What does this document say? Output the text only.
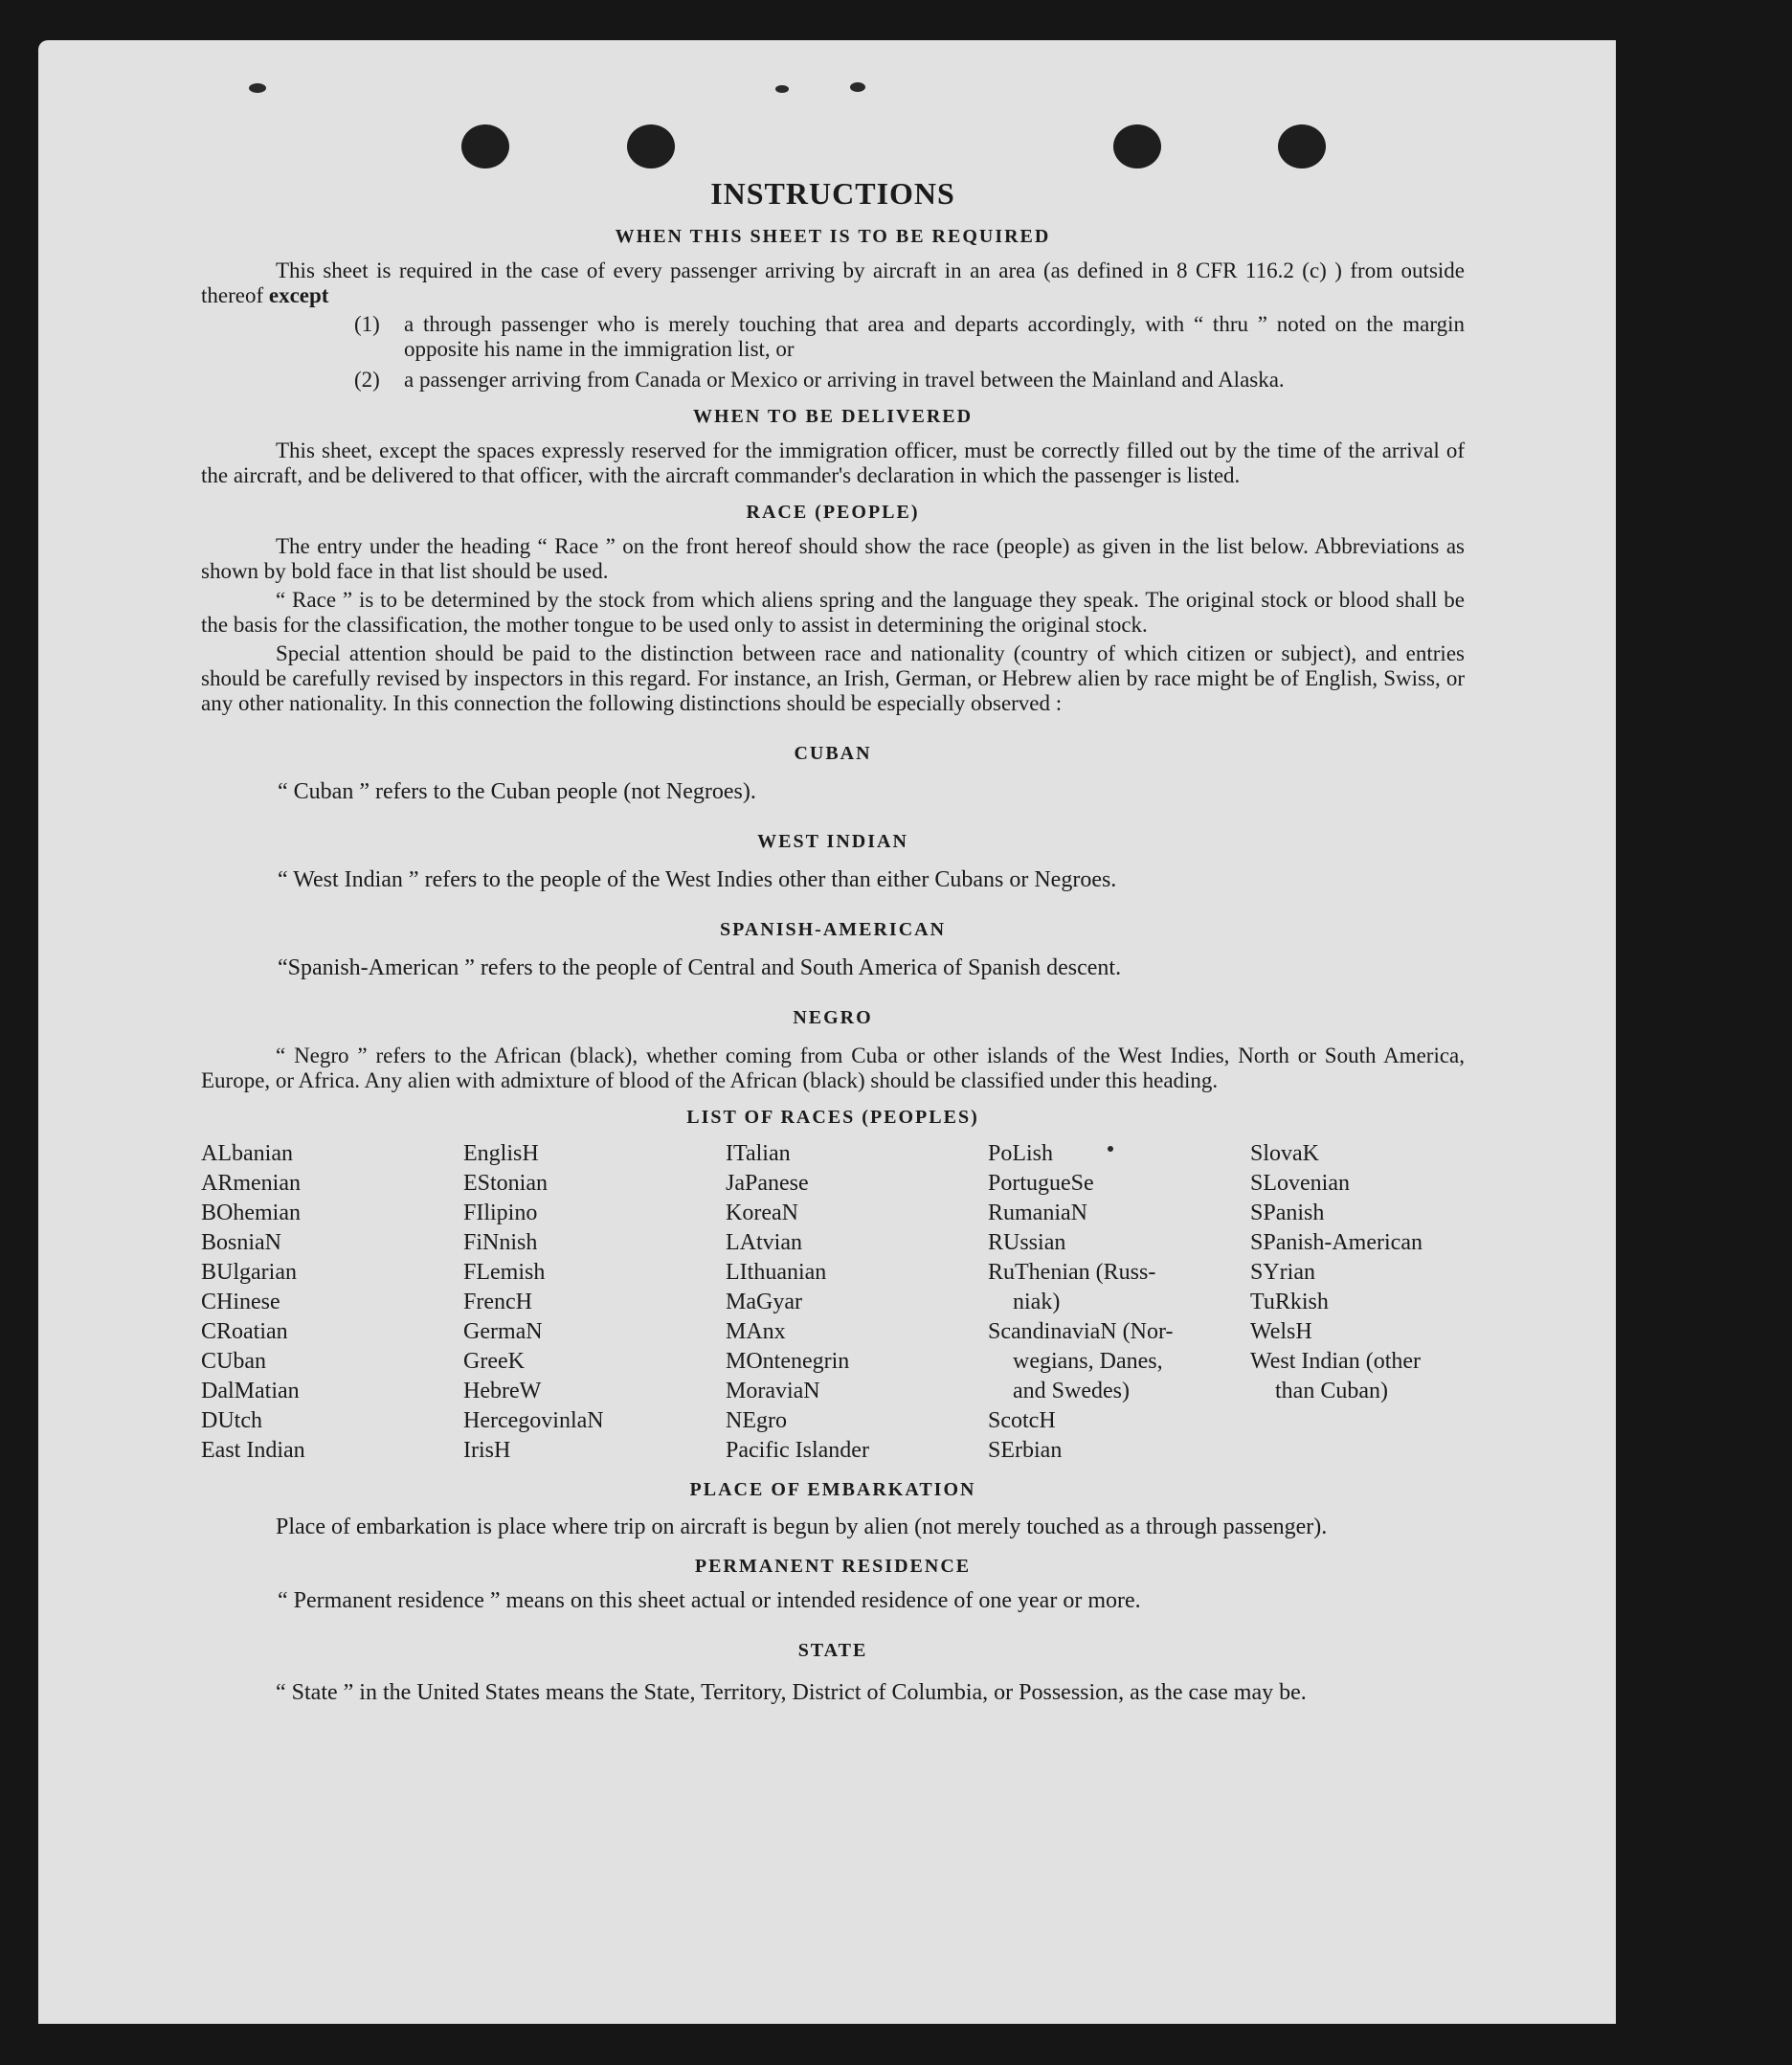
INSTRUCTIONS
WHEN THIS SHEET IS TO BE REQUIRED

This sheet is required in the case of every passenger arriving by aircraft in an area (as defined in 8 CFR 116.2 (c) ) from outside thereof except

(1)	a through passenger who is merely touching that area and departs accordingly, with “ thru ” noted on the margin opposite his name in the immigration list, or
(2)	a passenger arriving from Canada or Mexico or arriving in travel between the Mainland and Alaska.
WHEN TO BE DELIVERED

This sheet, except the spaces expressly reserved for the immigration officer, must be correctly filled out by the time of the arrival of the aircraft, and be delivered to that officer, with the aircraft commander's declaration in which the passenger is listed.

RACE (PEOPLE)

The entry under the heading “ Race ” on the front hereof should show the race (people) as given in the list below. Abbreviations as shown by bold face in that list should be used.

“ Race ” is to be determined by the stock from which aliens spring and the language they speak. The original stock or blood shall be the basis for the classification, the mother tongue to be used only to assist in determining the original stock.

Special attention should be paid to the distinction between race and nationality (country of which citizen or subject), and entries should be carefully revised by inspectors in this regard. For instance, an Irish, German, or Hebrew alien by race might be of English, Swiss, or any other nationality. In this connection the following distinctions should be especially observed :

CUBAN

“ Cuban ” refers to the Cuban people (not Negroes).

WEST INDIAN

“ West Indian ” refers to the people of the West Indies other than either Cubans or Negroes.

SPANISH-AMERICAN

“Spanish-American ” refers to the people of Central and South America of Spanish descent.

NEGRO

“ Negro ” refers to the African (black), whether coming from Cuba or other islands of the West Indies, North or South America, Europe, or Africa. Any alien with admixture of blood of the African (black) should be classified under this heading.

LIST OF RACES (PEOPLES)
ALbanian
ARmenian
BOhemian
BosniaN
BUlgarian
CHinese
CRoatian
CUban
DalMatian
DUtch
East Indian
EnglisH
EStonian
FIlipino
FiNnish
FLemish
FrencH
GermaN
GreeK
HebreW
HercegovinlaN
IrisH
ITalian
JaPanese
KoreaN
LAtvian
LIthuanian
MaGyar
MAnx
MOntenegrin
MoraviaN
NEgro
Pacific Islander
PoLish
PortugueSe
RumaniaN
RUssian
RuThenian (Russ-
niak)
ScandinaviaN (Nor-
wegians, Danes,
and Swedes)
ScotcH
SErbian
SlovaK
SLovenian
SPanish
SPanish-American
SYrian
TuRkish
WelsH
West Indian (other
than Cuban)
PLACE OF EMBARKATION

Place of embarkation is place where trip on aircraft is begun by alien (not merely touched as a through passenger).

PERMANENT RESIDENCE

“ Permanent residence ” means on this sheet actual or intended residence of one year or more.

STATE

“ State ” in the United States means the State, Territory, District of Columbia, or Possession, as the case may be.
